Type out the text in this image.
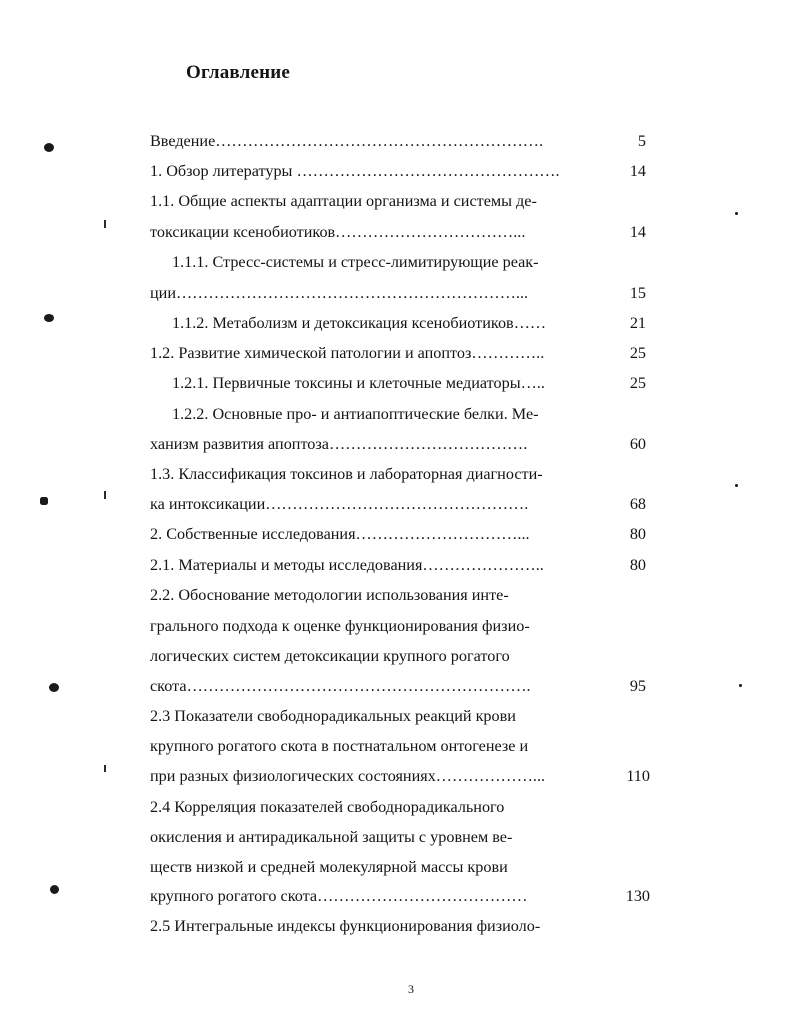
Оглавление
Введение…………………………………………………….	5
1. Обзор литературы ………………………………………….	14
1.1. Общие аспекты адаптации организма и системы де-
токсикации ксенобиотиков……………………………...	14
1.1.1. Стресс-системы и стресс-лимитирующие реак-
ции………………………………………………………...	15
1.1.2. Метаболизм и детоксикация ксенобиотиков……	21
1.2. Развитие химической патологии и апоптоз…………..	25
1.2.1. Первичные токсины и клеточные медиаторы…..	25
1.2.2. Основные про- и антиапоптические белки. Ме-
ханизм развития апоптоза……………………………….	60
1.3. Классификация токсинов и лабораторная диагности-
ка интоксикации………………………………………….	68
2. Собственные исследования…………………………...	80
2.1. Материалы и методы исследования…………………..	80
2.2. Обоснование методологии использования инте-
грального подхода к оценке функционирования физио-
логических систем детоксикации крупного рогатого
скота……………………………………………………….	95
2.3 Показатели свободнорадикальных реакций крови
крупного рогатого скота в постнатальном онтогенезе и
при разных физиологических состояниях………………...	110
2.4 Корреляция показателей свободнорадикального
окисления и антирадикальной защиты с уровнем ве-
ществ низкой и средней молекулярной массы крови
крупного рогатого скота…………………………………	130
2.5 Интегральные индексы функционирования физиоло-
3
